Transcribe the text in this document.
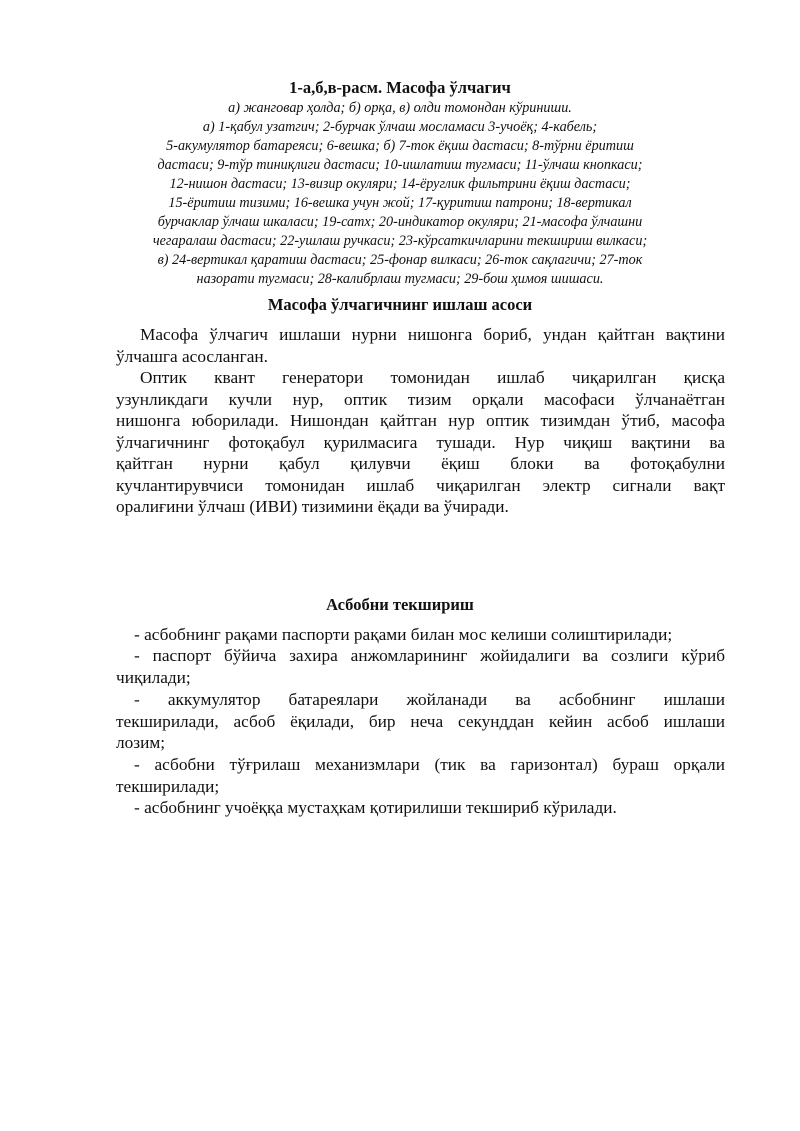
1-а,б,в-расм. Масофа ўлчагич
а) жанговар ҳолда; б) орқа, в) олди томондан кўриниши.
а) 1-қабул узатгич; 2-бурчак ўлчаш мосламаси 3-учоёқ; 4-кабель;
5-акумулятор батареяси; 6-вешка; б) 7-ток ёқиш дастаси; 8-тўрни ёритиш
дастаси; 9-тўр тиниқлиги дастаси; 10-ишлатиш тугмаси; 11-ўлчаш кнопкаси;
12-нишон дастаси; 13-визир окуляри; 14-ёруглик фильтрини ёқиш дастаси;
15-ёритиш тизими; 16-вешка учун жой; 17-қуритиш патрони; 18-вертикал
бурчаклар ўлчаш шкаласи; 19-сатх; 20-индикатор окуляри; 21-масофа ўлчашни
чегаралаш дастаси; 22-ушлаш ручкаси; 23-кўрсаткичларини текшириш вилкаси;
в) 24-вертикал қаратиш дастаси; 25-фонар вилкаси; 26-ток сақлагичи; 27-ток
назорати тугмаси; 28-калибрлаш тугмаси; 29-бош ҳимоя шишаси.
Масофа ўлчагичнинг ишлаш асоси
Масофа ўлчагич ишлаши нурни нишонга бориб, ундан қайтган вақтини
ўлчашга асосланган.
Оптик квант генератори томонидан ишлаб чиқарилган қисқа
узунликдаги кучли нур, оптик тизим орқали масофаси ўлчанаётган
нишонга юборилади. Нишондан қайтган нур оптик тизимдан ўтиб, масофа
ўлчагичнинг фотоқабул қурилмасига тушади. Нур чиқиш вақтини ва
қайтган нурни қабул қилувчи ёқиш блоки ва фотоқабулни
кучлантирувчиси томонидан ишлаб чиқарилган электр сигнали вақт
оралиғини ўлчаш (ИВИ) тизимини ёқади ва ўчиради.
Асбобни текшириш
- асбобнинг рақами паспорти рақами билан мос келиши солиштирилади;
- паспорт бўйича захира анжомларининг жойидалиги ва созлиги кўриб
чиқилади;
- аккумулятор батареялари жойланади ва асбобнинг ишлаши
текширилади, асбоб ёқилади, бир неча секунддан кейин асбоб ишлаши
лозим;
- асбобни тўғрилаш механизмлари (тик ва гаризонтал) бураш орқали
текширилади;
- асбобнинг учоёққа мустаҳкам қотирилиши текшириб кўрилади.
